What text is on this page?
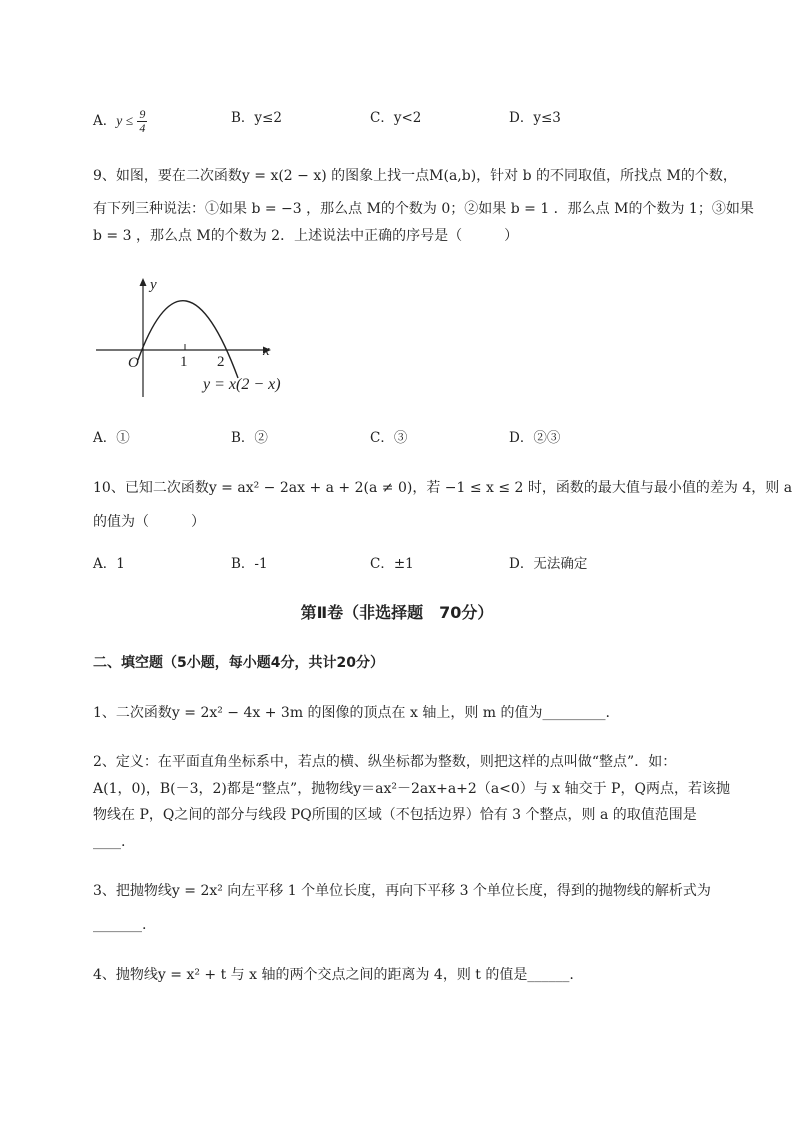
A．$y \le \frac{9}{4}$	B．y≤2	C．y<2	D．y≤3
9、如图，要在二次函数y = x(2 − x) 的图象上找一点M(a,b)，针对 b 的不同取值，所找点 M的个数，
有下列三种说法：①如果 b = −3 ，那么点 M的个数为 0；②如果 b = 1 ．那么点 M的个数为 1；③如果
b = 3 ，那么点 M的个数为 2．上述说法中正确的序号是（　　　）
y
x
O	1 2
y = x(2 − x)
A．①	B．②	C．③	D．②③
10、已知二次函数y = ax² − 2ax + a + 2(a ≠ 0)，若 −1 ≤ x ≤ 2 时，函数的最大值与最小值的差为 4，则 a
的值为（　　　）
A．1	B．-1	C．±1	D．无法确定
第Ⅱ卷（非选择题　70分）
二、填空题（5小题，每小题4分，共计20分）
1、二次函数y = 2x² − 4x + 3m 的图像的顶点在 x 轴上，则 m 的值为_________.
2、定义：在平面直角坐标系中，若点的横、纵坐标都为整数，则把这样的点叫做“整点”．如：
A(1，0)，B(－3，2)都是“整点”，抛物线y＝ax²－2ax+a+2（a<0）与 x 轴交于 P，Q两点，若该抛
物线在 P，Q之间的部分与线段 PQ所围的区域（不包括边界）恰有 3 个整点，则 a 的取值范围是
____.
3、把抛物线y = 2x² 向左平移 1 个单位长度，再向下平移 3 个单位长度，得到的抛物线的解析式为
_______.
4、抛物线y = x² + t 与 x 轴的两个交点之间的距离为 4，则 t 的值是______.
